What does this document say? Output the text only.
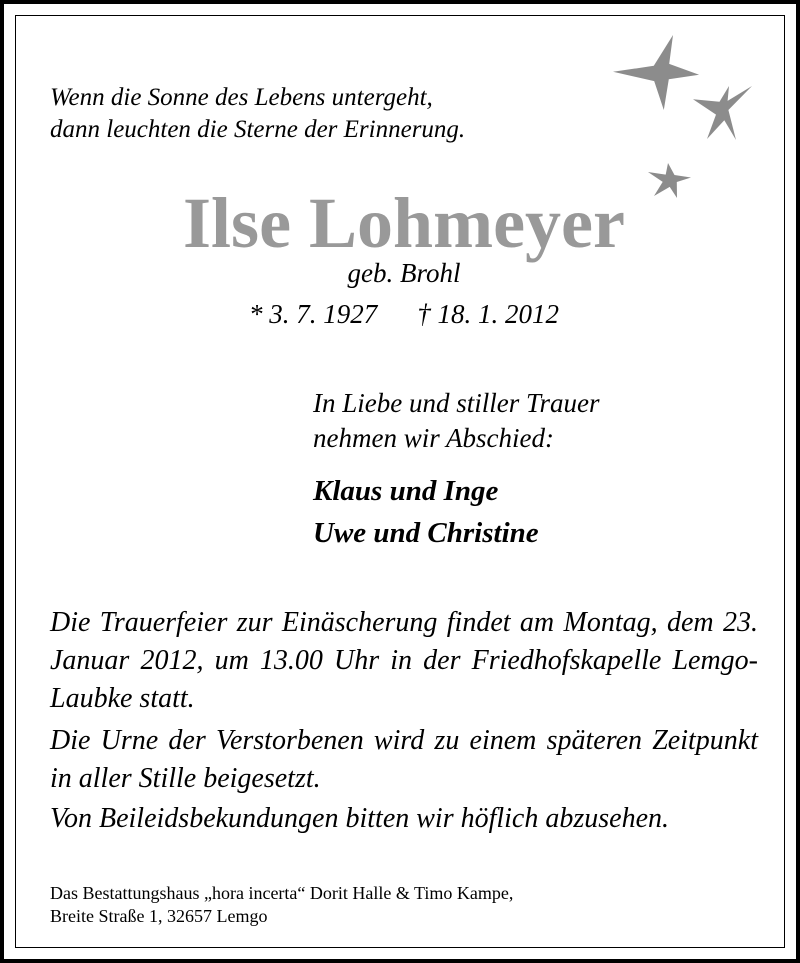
Wenn die Sonne des Lebens untergeht,
dann leuchten die Sterne der Erinnerung.
Ilse Lohmeyer
geb. Brohl
* 3. 7. 1927 † 18. 1. 2012
In Liebe und stiller Trauer
nehmen wir Abschied:
Klaus und Inge
Uwe und Christine
Die Trauerfeier zur Einäscherung findet am Montag, dem 23. Januar 2012, um 13.00 Uhr in der Friedhofskapelle Lemgo-Laubke statt.
Die Urne der Verstorbenen wird zu einem späteren Zeitpunkt in aller Stille beigesetzt.
Von Beileidsbekundungen bitten wir höflich abzusehen.
Das Bestattungshaus „hora incerta“ Dorit Halle & Timo Kampe,
Breite Straße 1, 32657 Lemgo
